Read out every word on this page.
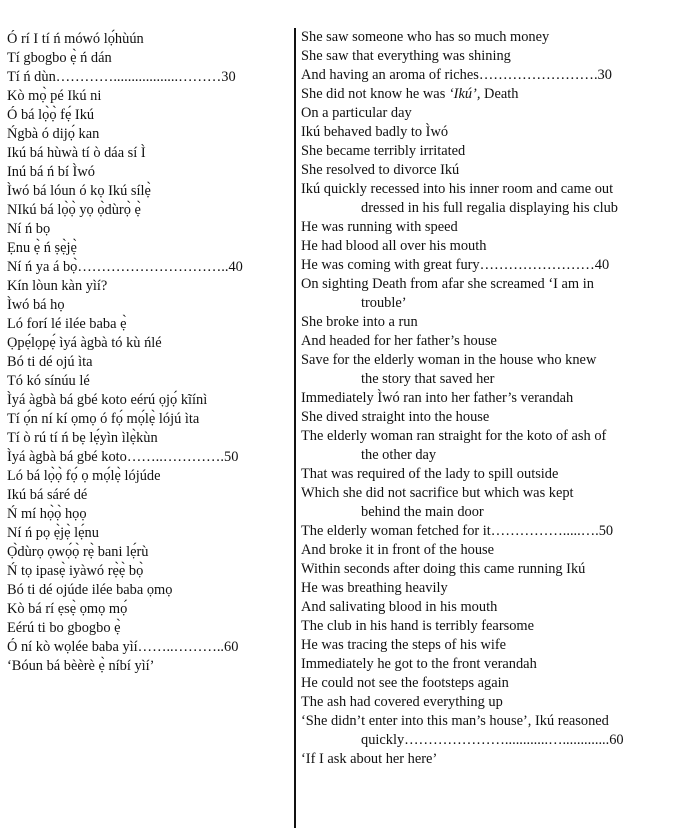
Ó rí I tí ń mówó lọ́hùún
Tí gbogbo ẹ̀ ń dán
Tí ń dùn…………..................………30
Kò mọ̀ pé Ikú ni
Ó bá lọ̀ọ̀ fẹ́ Ikú
Ńgbà ó dijọ́ kan
Ikú bá hùwà tí ò dáa sí Ì
Inú bá ń bí Ìwó
Ìwó bá lóun ó kọ Ikú sílẹ̀
NIkú bá lọ̀ọ̀ yọ ọ̀dùrọ̀ ẹ̀
Ní ń bọ
Ẹnu ẹ̀ ń ṣẹ̀jẹ̀
Ní ń ya á bọ̀…………………………..40
Kín lòun kàn yìí?
Ìwó bá họ
Ló forí lé ilée baba ẹ̀
Ọpẹ́lọpẹ́ ìyá àgbà tó kù ńlé
Bó ti dé ojú ìta
Tó kó sínúu lé
Ìyá àgbà bá gbé koto eérú ọjọ́ kĩínì
Tí ọ́n ní kí ọmọ ó fọ́ mọ́lẹ̀ lójú ìta
Tí ò rú tí ń bẹ lẹ́yìn ìlẹ̀kùn
Ìyá àgbà bá gbé koto……..………….50
Ló bá lọ̀ọ̀ fọ́ ọ mọ́lẹ̀ lójúde
Ikú bá sáré dé
Ń mí họ̀ọ̀ họọ
Ní ń pọ ẹ̀jẹ̀ lẹ́nu
Ọ̀dùrọ ọwọ́ọ̀ rẹ̀ bani lẹ́rù
Ń tọ ipasẹ̀ iyàwó rẹ̀ẹ̀ bọ̀
Bó ti dé ojúde ilée baba ọmọ
Kò bá rí ẹsẹ̀ ọmọ mọ́
Eérú ti bo gbogbo ẹ̀
Ó ní kò wọlée baba yìí……..………..60
‘Bóun bá bèèrè ẹ̀ níbí yìí’
She saw someone who has so much money
She saw that everything was shining
And having an aroma of riches…………………….30
She did not know he was ‘Ikú’, Death
On a particular day
Ikú behaved badly to Ìwó
She became terribly irritated
She resolved to divorce Ikú
Ikú quickly recessed into his inner room and came out
dressed in his full regalia displaying his club
He was running with speed
He had blood all over his mouth
He was coming with great fury……………………40
On sighting Death from afar she screamed ‘I am in
trouble’
She broke into a run
And headed for her father’s house
Save for the elderly woman in the house who knew
the story that saved her
Immediately Ìwó ran into her father’s verandah
She dived straight into the house
The elderly woman ran straight for the koto of ash of
the other day
That was required of the lady to spill outside
Which she did not sacrifice but which was kept
behind the main door
The elderly woman fetched for it…………….....….50
And broke it in front of the house
Within seconds after doing this came running Ikú
He was breathing heavily
And salivating blood in his mouth
The club in his hand is terribly fearsome
He was tracing the steps of his wife
Immediately he got to the front verandah
He could not see the footsteps again
The ash had covered everything up
‘She didn’t enter into this man’s house’, Ikú reasoned
quickly…………………............….............60
‘If I ask about her here’
